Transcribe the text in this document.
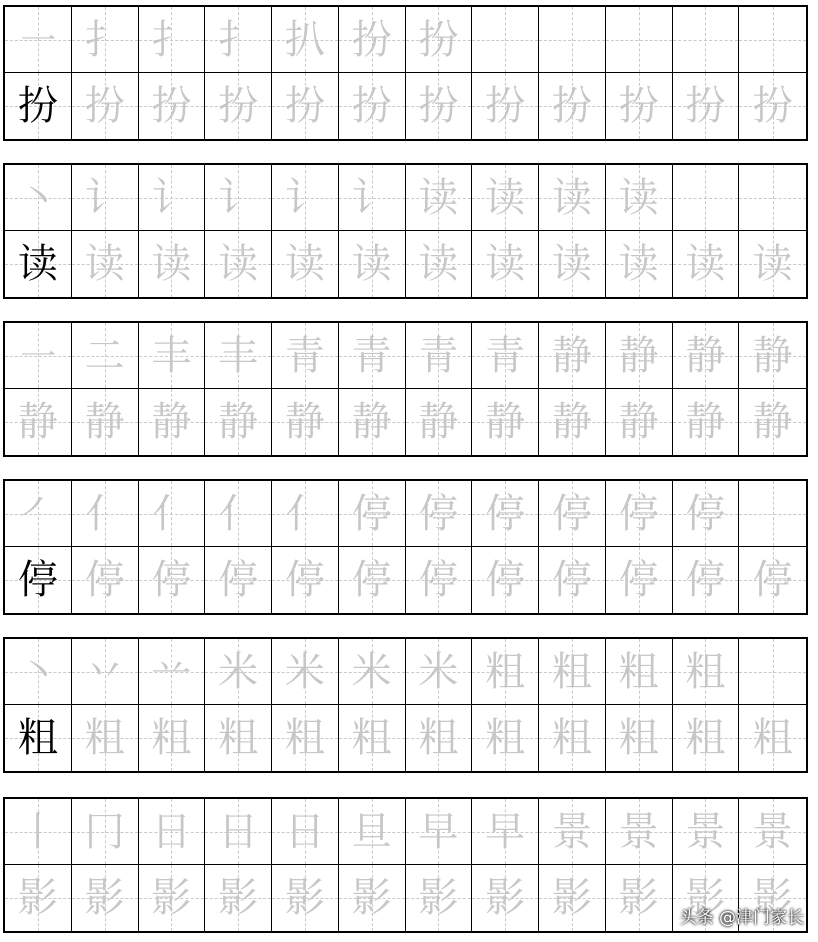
㇐ 扌 扌 扌 扒 扮 扮
扮 扮 扮 扮 扮 扮 扮 扮 扮 扮 扮 扮
㇔ 讠 讠 讠 讠 讠 读 读 读 读
读 读 读 读 读 读 读 读 读 读 读 读
㇐ 二 丰 丰 青 青 青 青 静 静 静 静
静 静 静 静 静 静 静 静 静 静 静 静
㇒ 亻 亻 亻 亻 停 停 停 停 停 停
停 停 停 停 停 停 停 停 停 停 停 停
㇔ 丷 䒑 米 米 米 米 粗 粗 粗 粗
粗 粗 粗 粗 粗 粗 粗 粗 粗 粗 粗 粗
丨 冂 日 日 日 旦 早 早 景 景 景 景
影 影 影 影 影 影 影 影 影 影 影 影
头条 @津门家长
